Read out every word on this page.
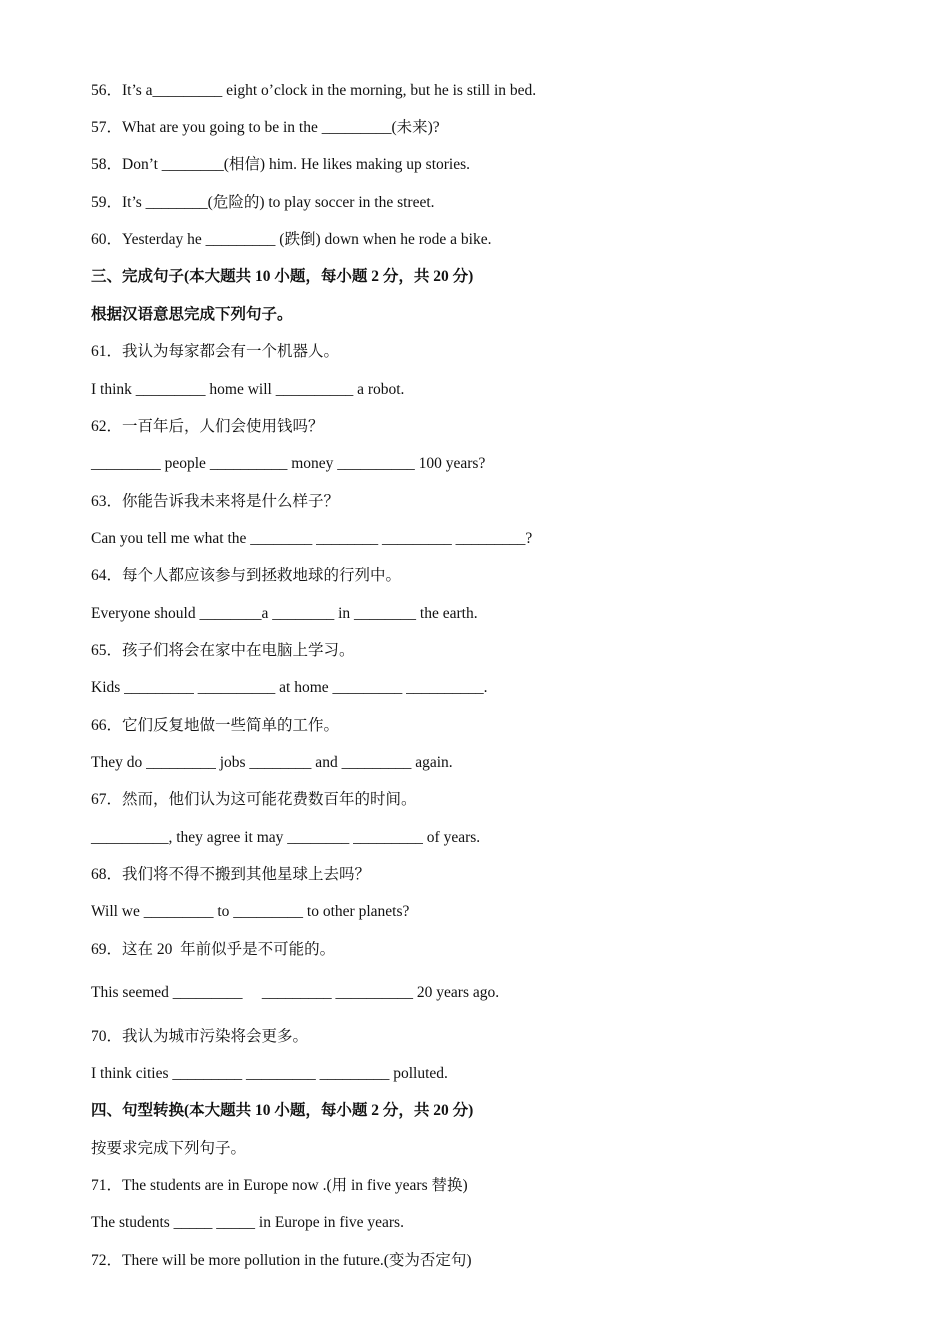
56．It’s a_________ eight o’clock in the morning, but he is still in bed.
57．What are you going to be in the _________(未来)?
58．Don’t ________(相信) him. He likes making up stories.
59．It’s ________(危险的) to play soccer in the street.
60．Yesterday he _________ (跌倒) down when he rode a bike.
三、完成句子(本大题共 10 小题，每小题 2 分，共 20 分)
根据汉语意思完成下列句子。
61．我认为每家都会有一个机器人。
I think _________ home will __________ a robot.
62．一百年后，人们会使用钱吗？
_________ people __________ money __________ 100 years?
63．你能告诉我未来将是什么样子？
Can you tell me what the ________ ________ _________ _________?
64．每个人都应该参与到拯救地球的行列中。
Everyone should ________a ________ in ________ the earth.
65．孩子们将会在家中在电脑上学习。
Kids _________ __________ at home _________ __________.
66．它们反复地做一些简单的工作。
They do _________ jobs ________ and _________ again.
67．然而，他们认为这可能花费数百年的时间。
__________, they agree it may ________ _________ of years.
68．我们将不得不搬到其他星球上去吗？
Will we _________ to _________ to other planets?
69．这在 20  年前似乎是不可能的。
This seemed _________     _________ __________ 20 years ago.
70．我认为城市污染将会更多。
I think cities _________ _________ _________ polluted.
四、句型转换(本大题共 10 小题，每小题 2 分，共 20 分)
按要求完成下列句子。
71．The students are in Europe now .(用 in five years 替换)
The students _____ _____ in Europe in five years.
72．There will be more pollution in the future.(变为否定句)
